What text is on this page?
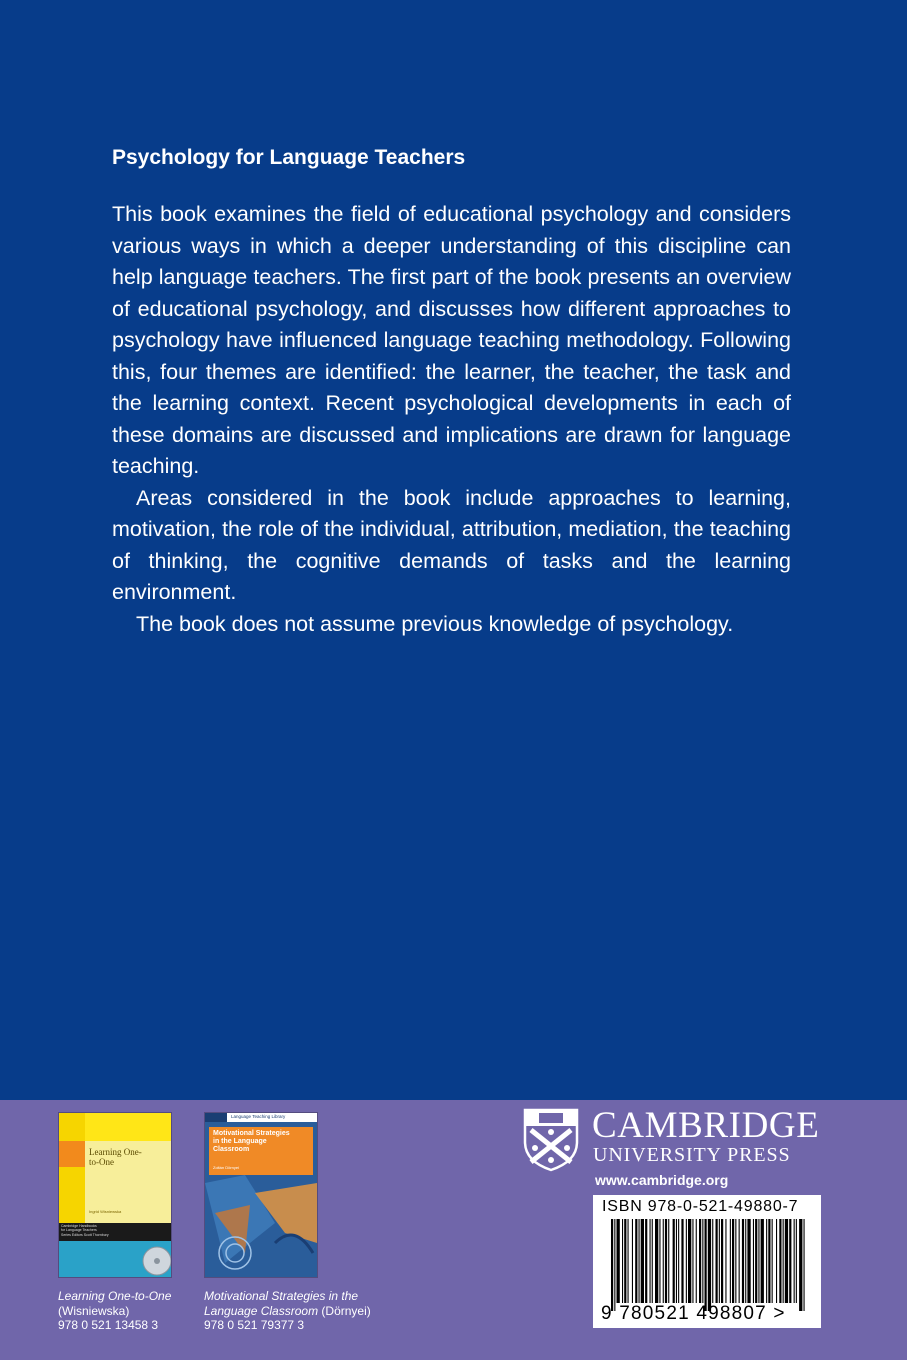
Psychology for Language Teachers

This book examines the field of educational psychology and considers various ways in which a deeper understanding of this discipline can help language teachers. The first part of the book presents an overview of educational psychology, and discusses how different approaches to psychology have influenced language teaching methodology. Following this, four themes are identified: the learner, the teacher, the task and the learning context. Recent psychological developments in each of these domains are discussed and implications are drawn for language teaching.

Areas considered in the book include approaches to learning, motivation, the role of the individual, attribution, mediation, the teaching of thinking, the cognitive demands of tasks and the learning environment.

The book does not assume previous knowledge of psychology.

Learning One-to-One
Ingrid Wisniewska
Cambridge Handbooks for Language Teachers
Series Editors Scott Thornbury
Language Teaching Library
Motivational Strategies in the Language Classroom
Zoltán Dörnyei
Learning One-to-One
(Wisniewska)
978 0 521 13458 3
Motivational Strategies in the Language Classroom (Dörnyei)
978 0 521 79377 3
CAMBRIDGE
UNIVERSITY PRESS
www.cambridge.org
ISBN 978-0-521-49880-7
9 780521 498807 >
